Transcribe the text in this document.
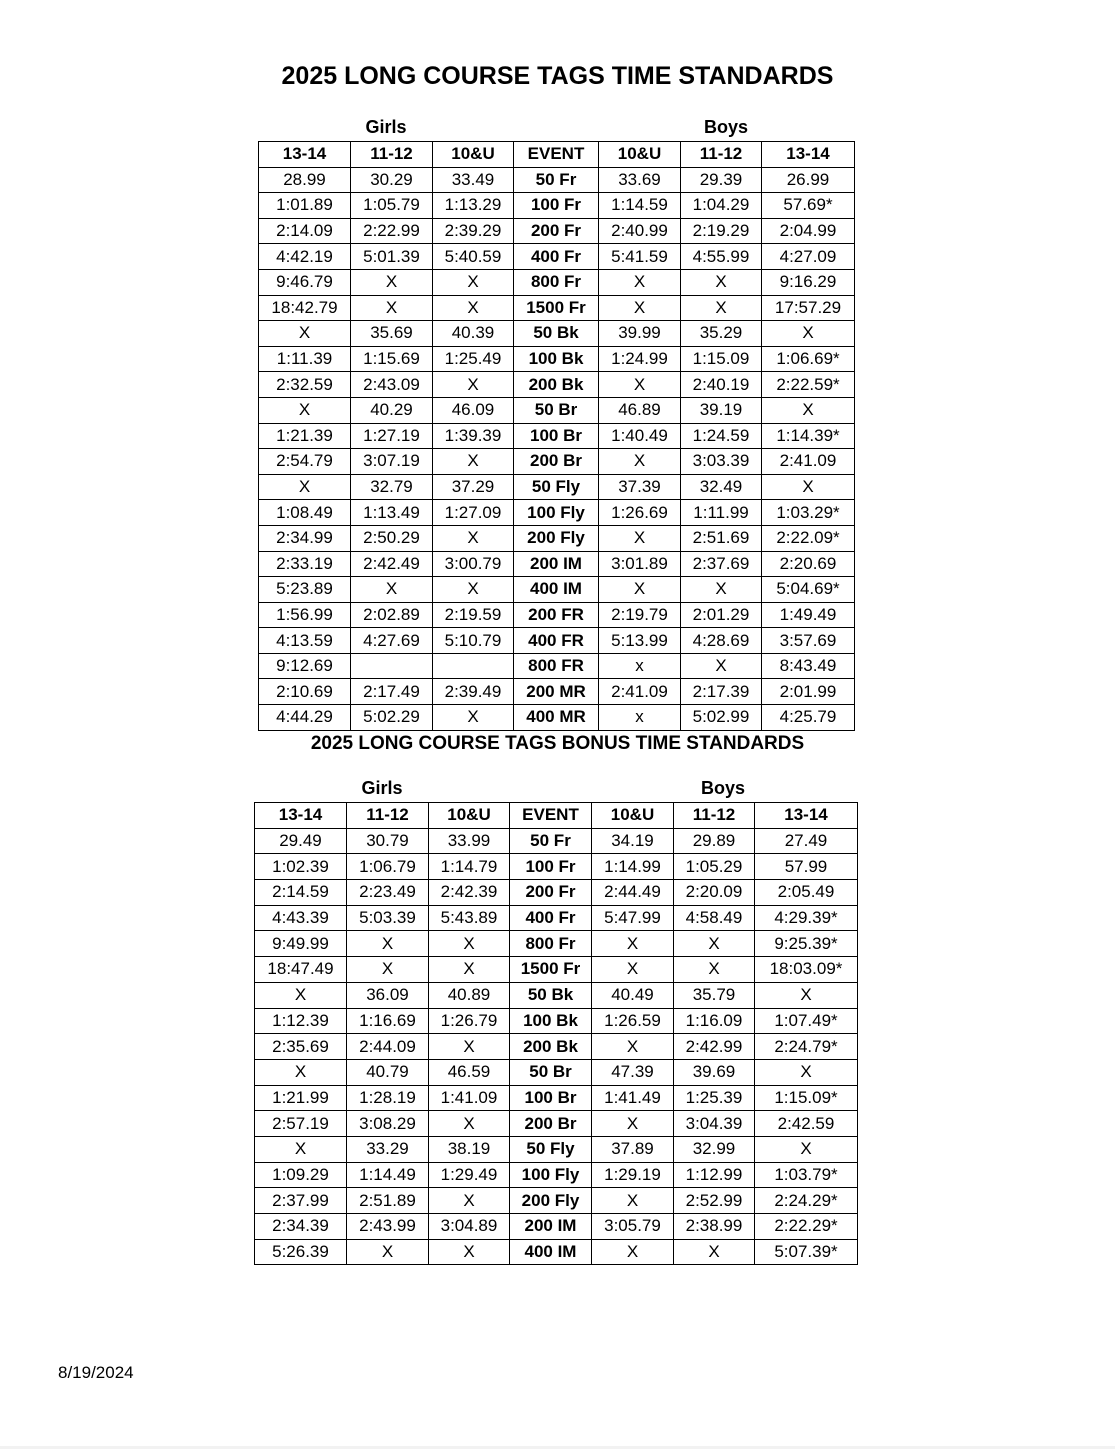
2025 LONG COURSE TAGS TIME STANDARDS
Girls	Boys
13-14	11-12	10&U	EVENT	10&U	11-12	13-14
28.99	30.29	33.49	50 Fr	33.69	29.39	26.99
1:01.89	1:05.79	1:13.29	100 Fr	1:14.59	1:04.29	57.69*
2:14.09	2:22.99	2:39.29	200 Fr	2:40.99	2:19.29	2:04.99
4:42.19	5:01.39	5:40.59	400 Fr	5:41.59	4:55.99	4:27.09
9:46.79	X	X	800 Fr	X	X	9:16.29
18:42.79	X	X	1500 Fr	X	X	17:57.29
X	35.69	40.39	50 Bk	39.99	35.29	X
1:11.39	1:15.69	1:25.49	100 Bk	1:24.99	1:15.09	1:06.69*
2:32.59	2:43.09	X	200 Bk	X	2:40.19	2:22.59*
X	40.29	46.09	50 Br	46.89	39.19	X
1:21.39	1:27.19	1:39.39	100 Br	1:40.49	1:24.59	1:14.39*
2:54.79	3:07.19	X	200 Br	X	3:03.39	2:41.09
X	32.79	37.29	50 Fly	37.39	32.49	X
1:08.49	1:13.49	1:27.09	100 Fly	1:26.69	1:11.99	1:03.29*
2:34.99	2:50.29	X	200 Fly	X	2:51.69	2:22.09*
2:33.19	2:42.49	3:00.79	200 IM	3:01.89	2:37.69	2:20.69
5:23.89	X	X	400 IM	X	X	5:04.69*
1:56.99	2:02.89	2:19.59	200 FR	2:19.79	2:01.29	1:49.49
4:13.59	4:27.69	5:10.79	400 FR	5:13.99	4:28.69	3:57.69
9:12.69			800 FR	x	X	8:43.49
2:10.69	2:17.49	2:39.49	200 MR	2:41.09	2:17.39	2:01.99
4:44.29	5:02.29	X	400 MR	x	5:02.99	4:25.79
2025 LONG COURSE TAGS BONUS TIME STANDARDS
Girls	Boys
13-14	11-12	10&U	EVENT	10&U	11-12	13-14
29.49	30.79	33.99	50 Fr	34.19	29.89	27.49
1:02.39	1:06.79	1:14.79	100 Fr	1:14.99	1:05.29	57.99
2:14.59	2:23.49	2:42.39	200 Fr	2:44.49	2:20.09	2:05.49
4:43.39	5:03.39	5:43.89	400 Fr	5:47.99	4:58.49	4:29.39*
9:49.99	X	X	800 Fr	X	X	9:25.39*
18:47.49	X	X	1500 Fr	X	X	18:03.09*
X	36.09	40.89	50 Bk	40.49	35.79	X
1:12.39	1:16.69	1:26.79	100 Bk	1:26.59	1:16.09	1:07.49*
2:35.69	2:44.09	X	200 Bk	X	2:42.99	2:24.79*
X	40.79	46.59	50 Br	47.39	39.69	X
1:21.99	1:28.19	1:41.09	100 Br	1:41.49	1:25.39	1:15.09*
2:57.19	3:08.29	X	200 Br	X	3:04.39	2:42.59
X	33.29	38.19	50 Fly	37.89	32.99	X
1:09.29	1:14.49	1:29.49	100 Fly	1:29.19	1:12.99	1:03.79*
2:37.99	2:51.89	X	200 Fly	X	2:52.99	2:24.29*
2:34.39	2:43.99	3:04.89	200 IM	3:05.79	2:38.99	2:22.29*
5:26.39	X	X	400 IM	X	X	5:07.39*
8/19/2024
